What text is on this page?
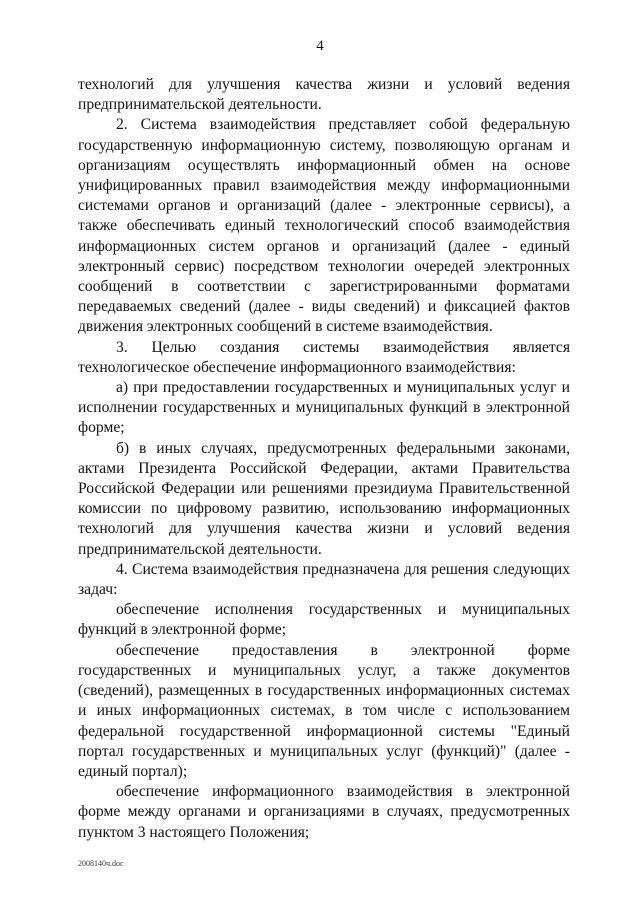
4

технологий для улучшения качества жизни и условий ведения предпринимательской деятельности.

2. Система взаимодействия представляет собой федеральную государственную информационную систему, позволяющую органам и организациям осуществлять информационный обмен на основе унифицированных правил взаимодействия между информационными системами органов и организаций (далее - электронные сервисы), а также обеспечивать единый технологический способ взаимодействия информационных систем органов и организаций (далее - единый электронный сервис) посредством технологии очередей электронных сообщений в соответствии с зарегистрированными форматами передаваемых сведений (далее - виды сведений) и фиксацией фактов движения электронных сообщений в системе взаимодействия.

3. Целью создания системы взаимодействия является технологическое обеспечение информационного взаимодействия:

а) при предоставлении государственных и муниципальных услуг и исполнении государственных и муниципальных функций в электронной форме;

б) в иных случаях, предусмотренных федеральными законами, актами Президента Российской Федерации, актами Правительства Российской Федерации или решениями президиума Правительственной комиссии по цифровому развитию, использованию информационных технологий для улучшения качества жизни и условий ведения предпринимательской деятельности.

4. Система взаимодействия предназначена для решения следующих задач:

обеспечение исполнения государственных и муниципальных функций в электронной форме;

обеспечение предоставления в электронной форме государственных и муниципальных услуг, а также документов (сведений), размещенных в государственных информационных системах и иных информационных системах, в том числе с использованием федеральной государственной информационной системы "Единый портал государственных и муниципальных услуг (функций)" (далее - единый портал);

обеспечение информационного взаимодействия в электронной форме между органами и организациями в случаях, предусмотренных пунктом 3 настоящего Положения;

2008140ч.doc
